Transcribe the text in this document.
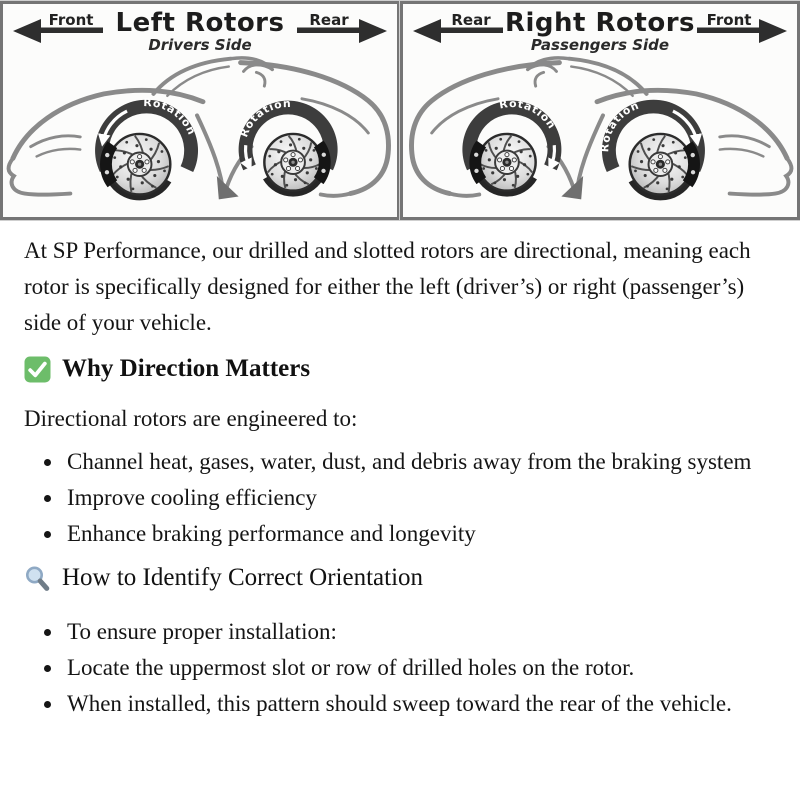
Rotation	Rotation
Front Left Rotors
Drivers Side
Rear
Rotation
Rotation
Rear Right Rotors
Passengers Side
Front

At SP Performance, our drilled and slotted rotors are directional, meaning each rotor is specifically designed for either the left (driver’s) or right (passenger’s) side of your vehicle.

Why Direction Matters

Directional rotors are engineered to:

• Channel heat, gases, water, dust, and debris away from the braking system
• Improve cooling efficiency
• Enhance braking performance and longevity
How to Identify Correct Orientation
• To ensure proper installation:
• Locate the uppermost slot or row of drilled holes on the rotor.
• When installed, this pattern should sweep toward the rear of the vehicle.
